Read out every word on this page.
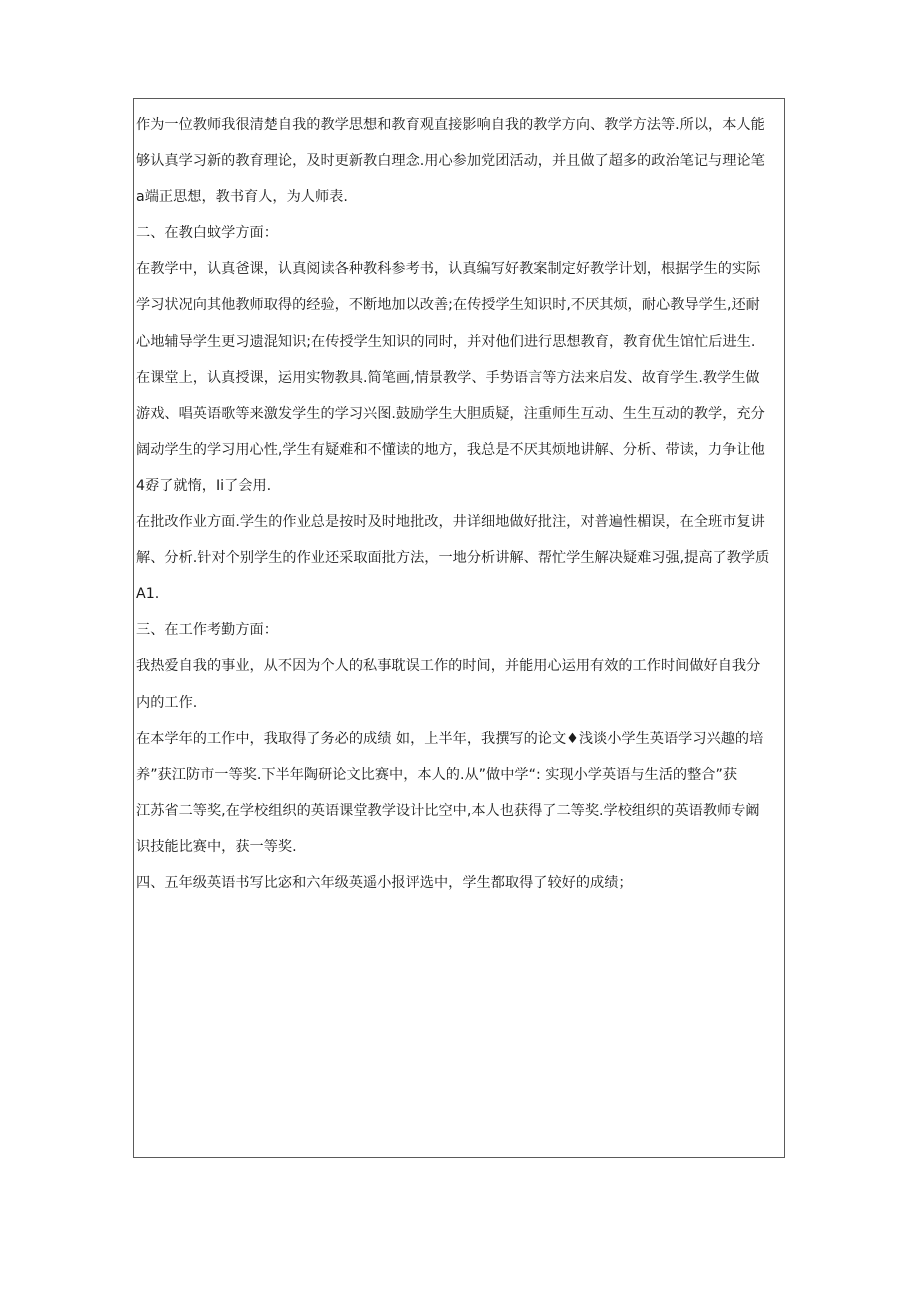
作为一位教师我很清楚自我的教学思想和教育观直接影响自我的教学方向、教学方法等.所以，本人能
够认真学习新的教育理论，及时更新教白理念.用心参加党团活动，并且做了超多的政治笔记与理论笔
a端正思想，教书育人，为人师表.
二、在教白蚊学方面：
在教学中，认真爸课，认真阅读各种教科参考书，认真编写好教案制定好教学计划，根据学生的实际
学习状况向其他教师取得的经验，不断地加以改善;在传授学生知识时,不厌其烦，耐心教导学生,还耐
心地辅导学生更习遗混知识;在传授学生知识的同时，并对他们进行思想教育，教育优生馆忙后进生.
在课堂上，认真授课，运用实物教具.简笔画,情景教学、手势语言等方法来启发、故育学生.教学生做
游戏、唱英语歌等来激发学生的学习兴图.鼓励学生大胆质疑，注重师生互动、生生互动的教学，充分
阔动学生的学习用心性,学生有疑难和不懂读的地方，我总是不厌其烦地讲解、分析、带读，力争让他
4孬了就惰，Ii了会用.
在批改作业方面.学生的作业总是按时及时地批改，井详细地做好批注，对普遍性楣误，在全班市复讲
解、分析.针对个别学生的作业还采取面批方法，一地分析讲解、帮忙学生解决疑难习强,提高了教学质
A1.
三、在工作考勤方面：
我热爱自我的事业，从不因为个人的私事耽误工作的时间，并能用心运用有效的工作时间做好自我分
内的工作.
在本学年的工作中，我取得了务必的成绩 如，上半年，我撰写的论文♦浅谈小学生英语学习兴趣的培
养”获江防市一等奖.下半年陶研论文比赛中，本人的.从”做中学“: 实现小学英语与生活的整合”获
江苏省二等奖,在学校组织的英语课堂教学设计比空中,本人也获得了二等奖.学校组织的英语教师专阚
识技能比赛中，获一等奖.
四、五年级英语书写比宓和六年级英遥小报评选中，学生都取得了较好的成绩；
